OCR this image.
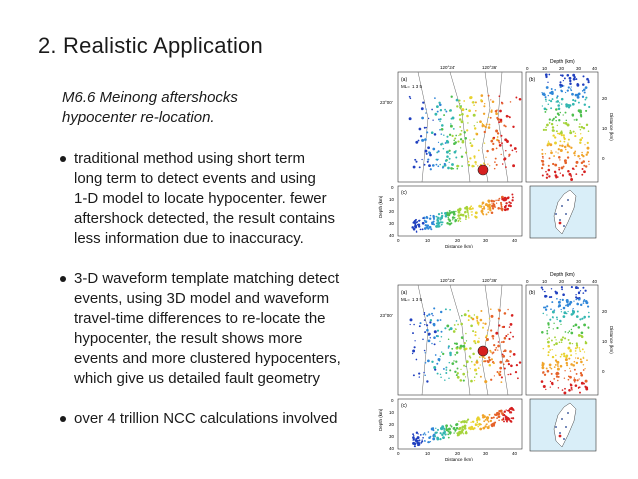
2. Realistic Application
M6.6 Meinong aftershocks
hypocenter re-location.
traditional method using short term
long term to detect events and using
1-D model to locate hypocenter. fewer
aftershock detected, the result contains
less information due to inaccuracy.
3-D waveform template matching detect
events, using 3D model and waveform
travel-time differences to re-locate the
hypocenter, the result shows more
events and more clustered hypocenters,
which give us detailed fault geometry
over 4 trillion NCC calculations involved
(a)
ML= 1 3 5
120°24'	120°36'
23°00'
(b)
Depth (km)
0	10	20	30 40
Distance (km)
20
10
0
(c)
Depth (km)
0
10
20
30
40
0	10	20	30	40
Distance (km)
(a)
ML= 1 3 5
120°24'	120°36'
23°00'
(b)
Depth (km)
0	10	20	30 40
Distance (km)
20
10
0
(c)
Depth (km)
0
10
20
30
40
0	10	20	30	40
Distance (km)
